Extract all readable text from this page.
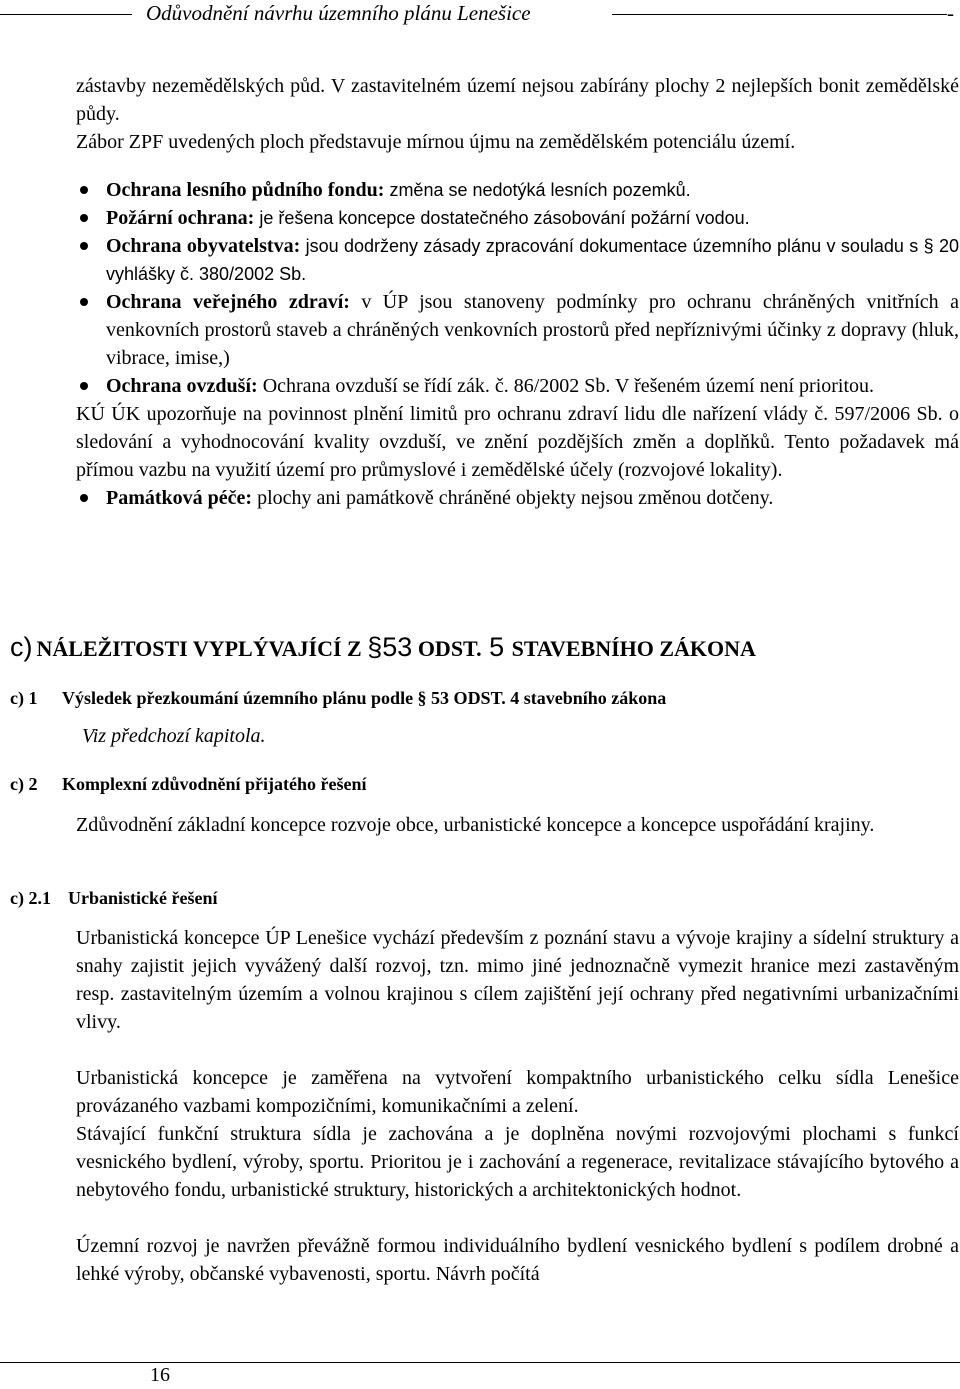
Odůvodnění návrhu územního plánu Lenešice	-

zástavby nezemědělských půd. V zastavitelném území nejsou zabírány plochy 2 nejlepších bonit zemědělské půdy.

Zábor ZPF uvedených ploch představuje mírnou újmu na zemědělském potenciálu území.

Ochrana lesního půdního fondu: změna se nedotýká lesních pozemků.
Požární ochrana: je řešena koncepce dostatečného zásobování požární vodou.
Ochrana obyvatelstva: jsou dodrženy zásady zpracování dokumentace územního plánu v souladu s § 20 vyhlášky č. 380/2002 Sb.
Ochrana veřejného zdraví: v ÚP jsou stanoveny podmínky pro ochranu chráněných vnitřních a venkovních prostorů staveb a chráněných venkovních prostorů před nepříznivými účinky z dopravy (hluk, vibrace, imise,)
Ochrana ovzduší: Ochrana ovzduší se řídí zák. č. 86/2002 Sb. V řešeném území není prioritou.

KÚ ÚK upozorňuje na povinnost plnění limitů pro ochranu zdraví lidu dle nařízení vlády č. 597/2006 Sb. o sledování a vyhodnocování kvality ovzduší, ve znění pozdějších změn a doplňků. Tento požadavek má přímou vazbu na využití území pro průmyslové i zemědělské účely (rozvojové lokality).

Památková péče: plochy ani památkově chráněné objekty nejsou změnou dotčeny.
c) NÁLEŽITOSTI VYPLÝVAJÍCÍ Z §53 ODST. 5 STAVEBNÍHO ZÁKONA
c) 1 Výsledek přezkoumání územního plánu podle § 53 ODST. 4 stavebního zákona
Viz předchozí kapitola.
c) 2 Komplexní zdůvodnění přijatého řešení
Zdůvodnění základní koncepce rozvoje obce, urbanistické koncepce a koncepce uspořádání krajiny.
c) 2.1 Urbanistické řešení

Urbanistická koncepce ÚP Lenešice vychází především z poznání stavu a vývoje krajiny a sídelní struktury a snahy zajistit jejich vyvážený další rozvoj, tzn. mimo jiné jednoznačně vymezit hranice mezi zastavěným resp. zastavitelným územím a volnou krajinou s cílem zajištění její ochrany před negativními urbanizačními vlivy.

Urbanistická koncepce je zaměřena na vytvoření kompaktního urbanistického celku sídla Lenešice provázaného vazbami kompozičními, komunikačními a zelení.

Stávající funkční struktura sídla je zachována a je doplněna novými rozvojovými plochami s funkcí vesnického bydlení, výroby, sportu. Prioritou je i zachování a regenerace, revitalizace stávajícího bytového a nebytového fondu, urbanistické struktury, historických a architektonických hodnot.

Územní rozvoj je navržen převážně formou individuálního bydlení vesnického bydlení s podílem drobné a lehké výroby, občanské vybavenosti, sportu. Návrh počítá

16
